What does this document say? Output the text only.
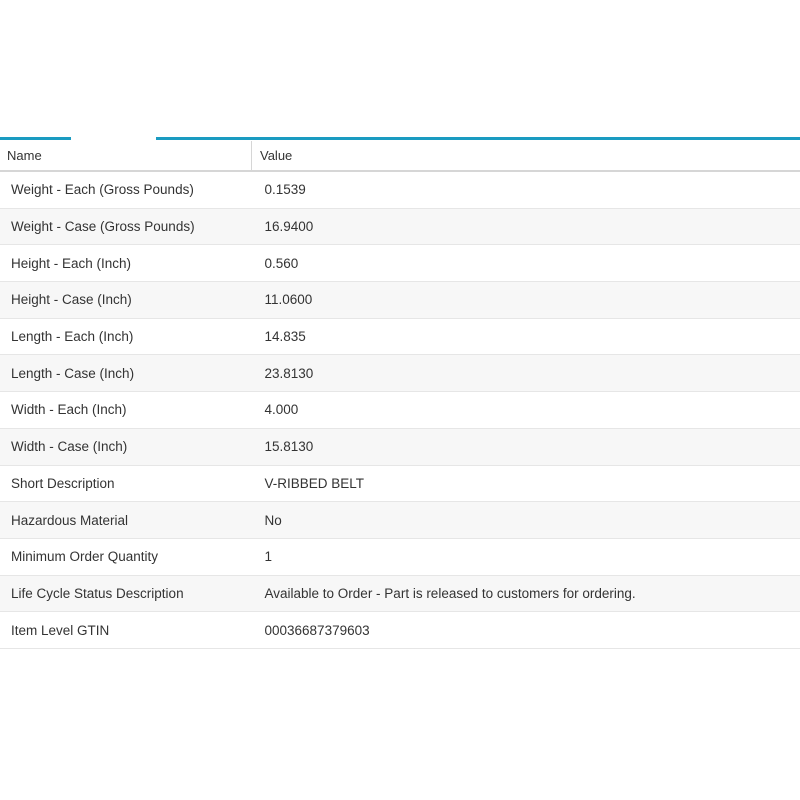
Name	Value
Weight - Each (Gross Pounds)	0.1539
Weight - Case (Gross Pounds)	16.9400
Height - Each (Inch)	0.560
Height - Case (Inch)	11.0600
Length - Each (Inch)	14.835
Length - Case (Inch)	23.8130
Width - Each (Inch)	4.000
Width - Case (Inch)	15.8130
Short Description	V-RIBBED BELT
Hazardous Material	No
Minimum Order Quantity	1
Life Cycle Status Description	Available to Order - Part is released to customers for ordering.
Item Level GTIN	00036687379603
